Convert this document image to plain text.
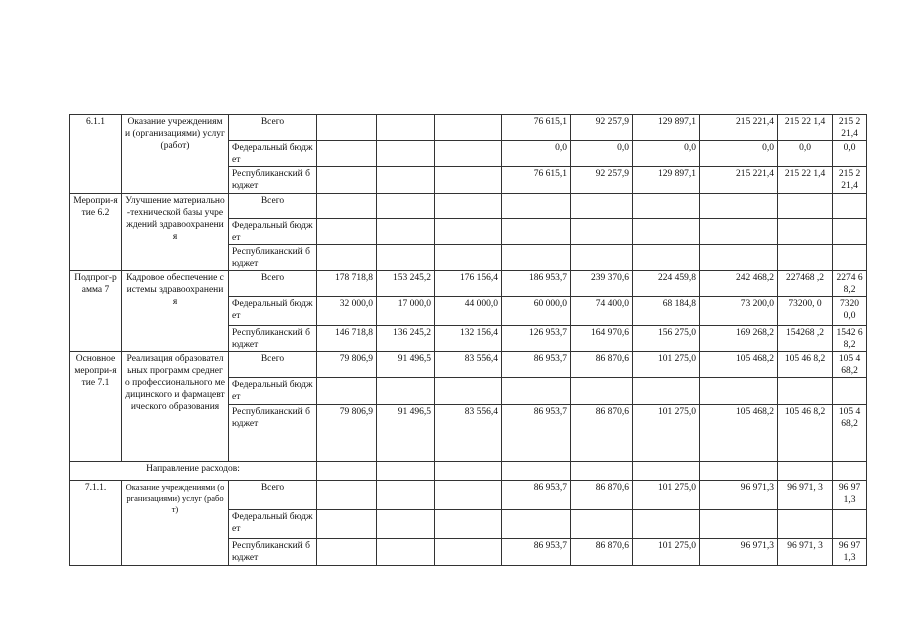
6.1.1	Оказание учреждениями (организациями) услуг (работ)	Всего				76 615,1	92 257,9	129 897,1	215 221,4	215 22 1,4	215 2 21,4
		Федеральный бюджет				0,0	0,0	0,0	0,0	0,0	0,0
		Республиканский бюджет				76 615,1	92 257,9	129 897,1	215 221,4	215 22 1,4	215 2 21,4
Меропри-ятие 6.2	Улучшение материально-технической базы учреждений здравоохранения	Всего									
		Федеральный бюджет									
		Республиканский бюджет									
Подпрог-рамма 7	Кадровое обеспечение системы здравоохранения	Всего	178 718,8	153 245,2	176 156,4	186 953,7	239 370,6	224 459,8	242 468,2	227468 ,2	2274 68,2
		Федеральный бюджет	32 000,0	17 000,0	44 000,0	60 000,0	74 400,0	68 184,8	73 200,0	73200, 0	7320 0,0
		Республиканский бюджет	146 718,8	136 245,2	132 156,4	126 953,7	164 970,6	156 275,0	169 268,2	154268 ,2	1542 68,2
Основное меропри-ятие 7.1	Реализация образовательных программ среднего профессионального медицинского и фармацевтического образования	Всего	79 806,9	91 496,5	83 556,4	86 953,7	86 870,6	101 275,0	105 468,2	105 46 8,2	105 4 68,2
		Федеральный бюджет									
		Республиканский бюджет	79 806,9	91 496,5	83 556,4	86 953,7	86 870,6	101 275,0	105 468,2	105 46 8,2	105 4 68,2
Направление расходов:											
7.1.1.	Оказание учреждениями (организациями) услуг (работ)	Всего				86 953,7	86 870,6	101 275,0	96 971,3	96 971, 3	96 97 1,3
		Федеральный бюджет									
		Республиканский бюджет				86 953,7	86 870,6	101 275,0	96 971,3	96 971, 3	96 97 1,3
